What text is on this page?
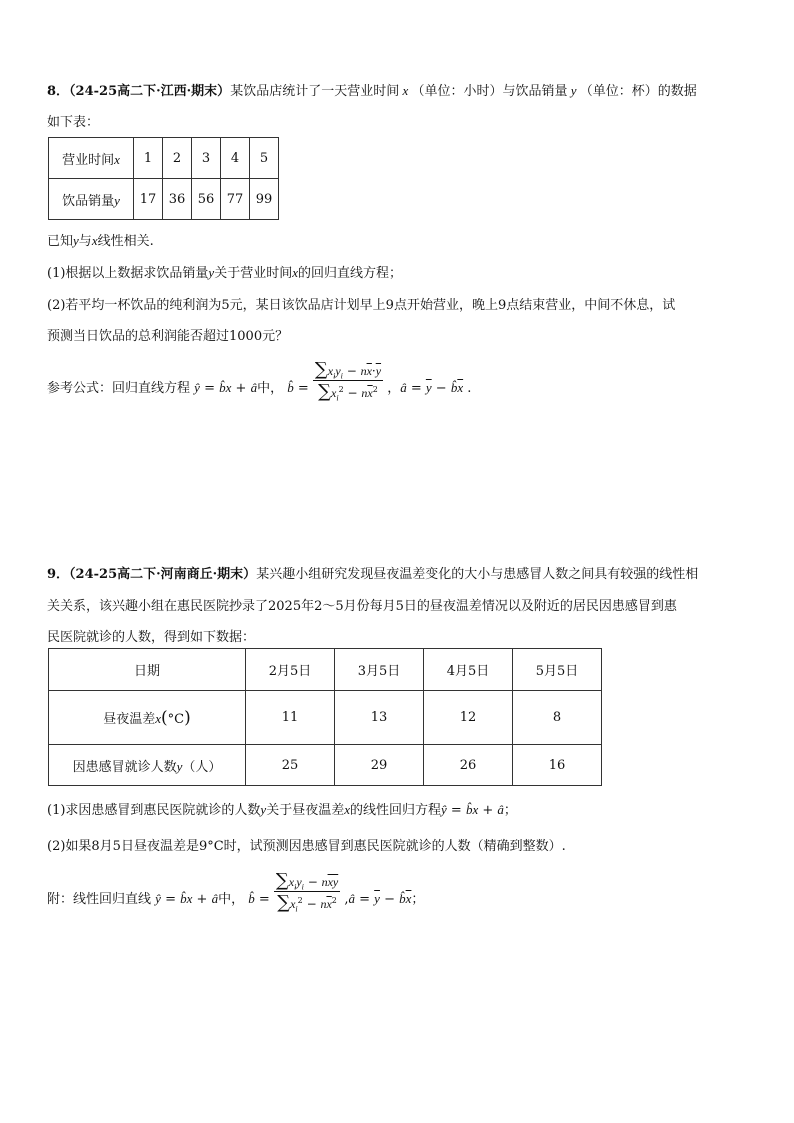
8．（24-25高二下·江西·期末）某饮品店统计了一天营业时间 x （单位：小时）与饮品销量 y （单位：杯）的数据
如下表：
营业时间x	1	2	3	4	5
饮品销量y	17	36	56	77	99
已知y与x线性相关.
(1)根据以上数据求饮品销量y关于营业时间x的回归直线方程；
(2)若平均一杯饮品的纯利润为5元，某日该饮品店计划早上9点开始营业，晚上9点结束营业，中间不休息，试
预测当日饮品的总利润能否超过1000元？
参考公式：回归直线方程 ŷ = b̂x + â中， b̂ = $\frac{\sum x_iy_i - n\overline{x}\cdot\overline{y}}{\sum x_i^2 - n\overline{x}^2}$ ，â = $\overline{y}$ − $b̂\overline{x}$ .
9．（24-25高二下·河南商丘·期末）某兴趣小组研究发现昼夜温差变化的大小与患感冒人数之间具有较强的线性相
关关系，该兴趣小组在惠民医院抄录了2025年2～5月份每月5日的昼夜温差情况以及附近的居民因患感冒到惠
民医院就诊的人数，得到如下数据：
日期	2月5日	3月5日	4月5日	5月5日
昼夜温差x(°C)	11	13	12	8
因患感冒就诊人数y（人）	25	29	26	16
(1)求因患感冒到惠民医院就诊的人数y关于昼夜温差x的线性回归方程ŷ = b̂x + â；
(2)如果8月5日昼夜温差是9°C时，试预测因患感冒到惠民医院就诊的人数（精确到整数）.
附：线性回归直线 ŷ = b̂x + â中， b̂ = $\frac{\sum x_iy_i - n\overline{xy}}{\sum x_i^2 - n\overline{x}^2}$ ,â = $\overline{y}$ − $b̂\overline{x}$；
